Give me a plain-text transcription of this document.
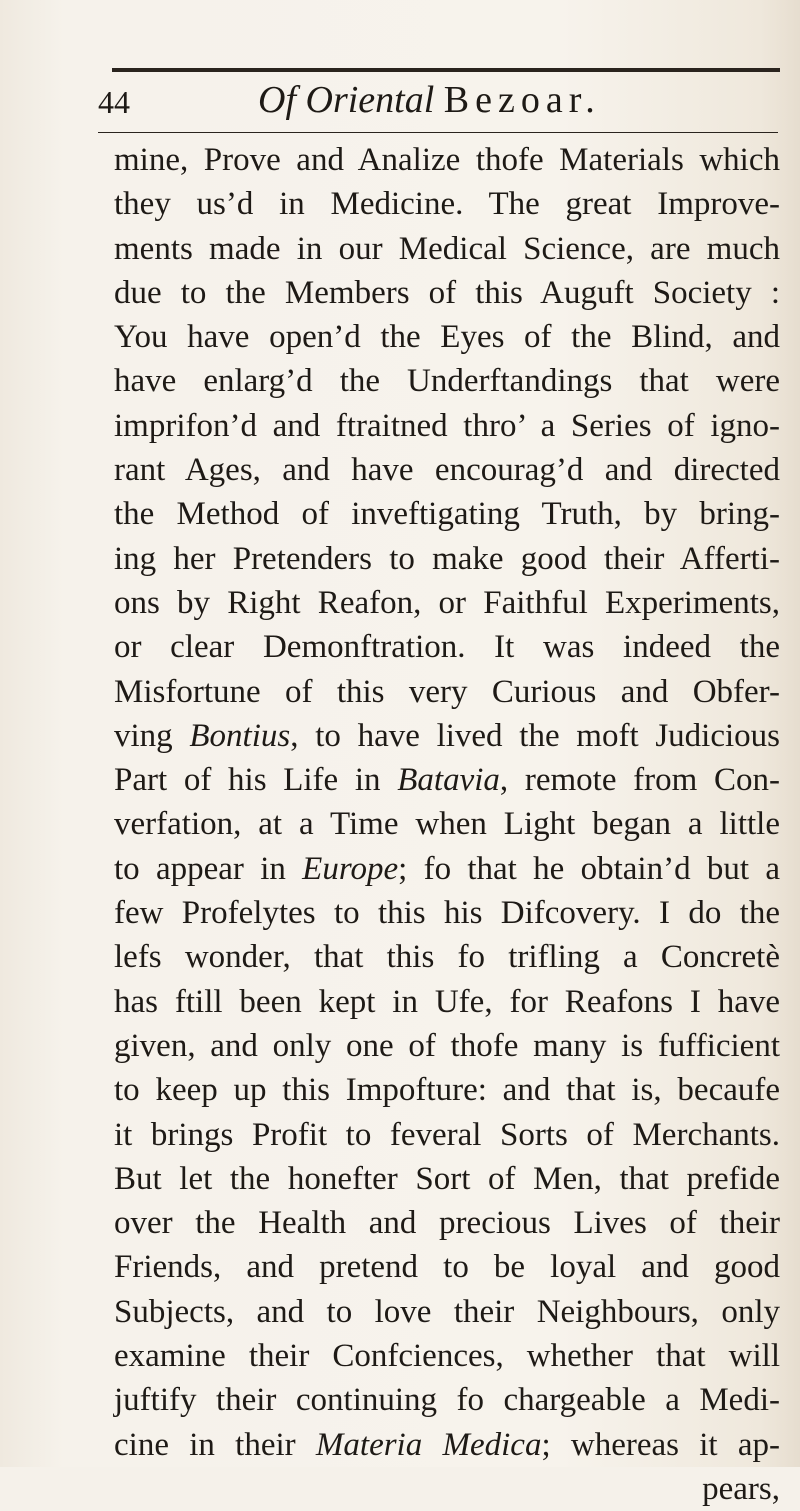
44	Of Oriental Bezoar.
mine, Prove and Analize thofe Materials which
they us’d in Medicine. The great Improve-
ments made in our Medical Science, are much
due to the Members of this Auguft Society :
You have open’d the Eyes of the Blind, and
have enlarg’d the Underftandings that were
imprifon’d and ftraitned thro’ a Series of igno-
rant Ages, and have encourag’d and directed
the Method of inveftigating Truth, by bring-
ing her Pretenders to make good their Afferti-
ons by Right Reafon, or Faithful Experiments,
or clear Demonftration. It was indeed the
Misfortune of this very Curious and Obfer-
ving Bontius, to have lived the moft Judicious
Part of his Life in Batavia, remote from Con-
verfation, at a Time when Light began a little
to appear in Europe; fo that he obtain’d but a
few Profelytes to this his Difcovery. I do the
lefs wonder, that this fo trifling a Concretè
has ftill been kept in Ufe, for Reafons I have
given, and only one of thofe many is fufficient
to keep up this Impofture: and that is, becaufe
it brings Profit to feveral Sorts of Merchants.
But let the honefter Sort of Men, that prefide
over the Health and precious Lives of their
Friends, and pretend to be loyal and good
Subjects, and to love their Neighbours, only
examine their Confciences, whether that will
juftify their continuing fo chargeable a Medi-
cine in their Materia Medica; whereas it ap-
pears,
